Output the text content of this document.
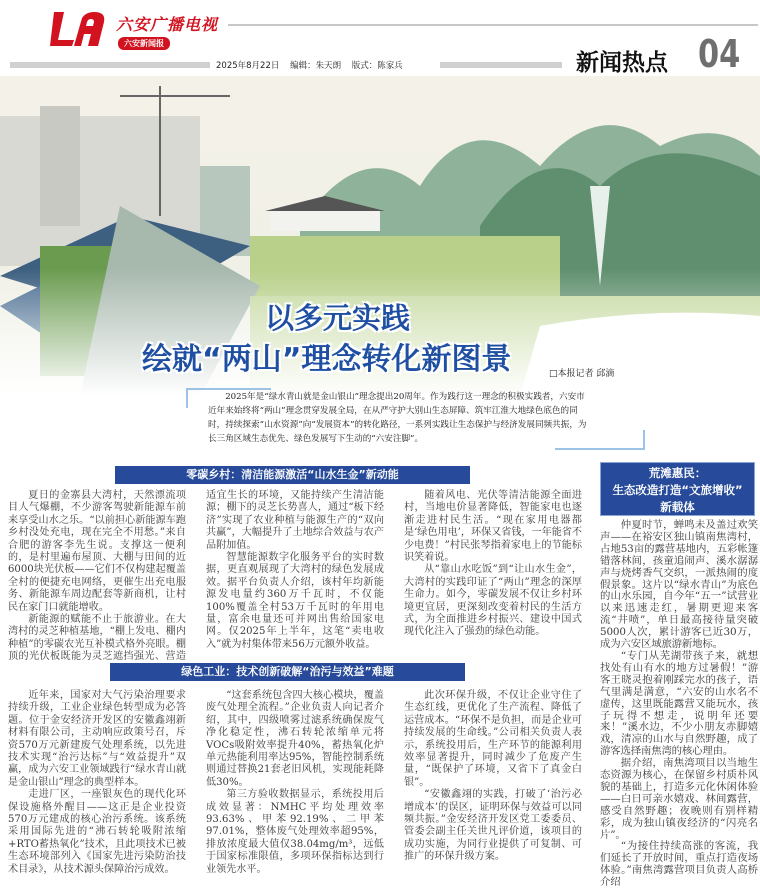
六安广播电视
六安新闻报
2025年8月22日 编辑：朱天朗 版式：陈家兵	新闻热点 04
以多元实践
绘就“两山”理念转化新图景	□本报记者 邱滴
2025年是“绿水青山就是金山银山”理念提出20周年。作为践行这一理念的积极实践者，六安市近年来始终将“两山”理念贯穿发展全局，在从严守护大别山生态屏障、筑牢江淮大地绿色底色的同时，持续探索“山水资源”向“发展资本”的转化路径，一系列实践让生态保护与经济发展同频共振，为长三角区域生态优先、绿色发展写下生动的“六安注脚”。
零碳乡村：清洁能源激活“山水生金”新动能

夏日的金寨县大湾村，天然漂流项目人气爆棚，不少游客驾驶新能源车前来享受山水之乐。“以前担心新能源车跑乡村没处充电，现在完全不用愁。”来自合肥的游客李先生说。支撑这一便利的，是村里遍布屋顶、大棚与田间的近6000块光伏板——它们不仅构建起覆盖全村的便捷充电网络，更催生出充电服务、新能源车周边配套等新商机，让村民在家门口就能增收。

新能源的赋能不止于旅游业。在大湾村的灵芝种植基地，“棚上发电、棚内种植”的零碳农光互补模式格外亮眼。棚顶的光伏板既能为灵芝遮挡强光、营造适宜生长的环境，又能持续产生清洁能源；棚下的灵芝长势喜人，通过“板下经济”实现了农业种植与能源生产的“双向共赢”，大幅提升了土地综合效益与农产品附加值。

智慧能源数字化服务平台的实时数据，更直观展现了大湾村的绿色发展成效。据平台负责人介绍，该村年均新能源发电量约360万千瓦时，不仅能100%覆盖全村53万千瓦时的年用电量，富余电量还可并网出售给国家电网。仅2025年上半年，这笔“卖电收入”就为村集体带来56万元额外收益。

随着风电、光伏等清洁能源全面进村，当地电价显著降低，智能家电也逐渐走进村民生活。“现在家用电器都是‘绿色用电’，环保又省钱，一年能省不少电费！”村民张琴指着家电上的节能标识笑着说。

从“靠山水吃饭”到“让山水生金”，大湾村的实践印证了“两山”理念的深厚生命力。如今，零碳发展不仅让乡村环境更宜居，更深刻改变着村民的生活方式，为全面推进乡村振兴、建设中国式现代化注入了强劲的绿色动能。

绿色工业：技术创新破解“治污与效益”难题

近年来，国家对大气污染治理要求持续升级，工业企业绿色转型成为必答题。位于金安经济开发区的安徽鑫翊新材料有限公司，主动响应政策号召，斥资570万元新建废气处理系统，以先进技术实现“治污达标”与“效益提升”双赢，成为六安工业领域践行“绿水青山就是金山银山”理念的典型样本。

走进厂区，一座银灰色的现代化环保设施格外醒目——这正是企业投资570万元建成的核心治污系统。该系统采用国际先进的“沸石转轮吸附浓缩+RTO蓄热氧化”技术，且此项技术已被生态环境部列入《国家先进污染防治技术目录》，从技术源头保障治污成效。

“这套系统包含四大核心模块，覆盖废气处理全流程。”企业负责人向记者介绍，其中，四级喷雾过滤系统确保废气净化稳定性，沸石转轮浓缩单元将VOCs吸附效率提升40%，蓄热氧化炉单元热能利用率达95%，智能控制系统则通过替换21套老旧风机，实现能耗降低30%。

第三方验收数据显示，系统投用后成效显著：NMHC平均处理效率93.63%、甲苯92.19%、二甲苯97.01%，整体废气处理效率超95%，排放浓度最大值仅38.04mg/m³，远低于国家标准限值，多项环保指标达到行业领先水平。

此次环保升级，不仅让企业守住了生态红线，更优化了生产流程、降低了运营成本。“环保不是负担，而是企业可持续发展的生命线。”公司相关负责人表示，系统投用后，生产环节的能源利用效率显著提升，同时减少了危废产生量，“既保护了环境，又省下了真金白银”。

“安徽鑫翊的实践，打破了‘治污必增成本’的误区，证明环保与效益可以同频共振。”金安经济开发区党工委委员、管委会副主任关世凡评价道，该项目的成功实施，为同行业提供了可复制、可推广的环保升级方案。

荒滩惠民：
生态改造打造“文旅增收”
新载体

仲夏时节，蝉鸣未及盖过欢笑声——在裕安区独山镇南焦湾村，占地53亩的露营基地内，五彩帐篷错落林间，孩童追闹声、溪水潺潺声与烧烤香气交织，一派热闹的度假景象。这片以“绿水青山”为底色的山水乐园，自今年“五一”试营业以来迅速走红，暑期更迎来客流“井喷”，单日最高接待量突破5000人次，累计游客已近30万，成为六安区域旅游新地标。

“专门从芜湖带孩子来，就想找处有山有水的地方过暑假！”游客王晓灵抱着刚踩完水的孩子，语气里满是满意，“六安的山水名不虚传，这里既能露营又能玩水，孩子玩得不想走，说明年还要来！”溪水边，不少小朋友赤脚嬉戏，清凉的山水与自然野趣，成了游客选择南焦湾的核心理由。

据介绍，南焦湾项目以当地生态资源为核心，在保留乡村质朴风貌的基础上，打造多元化休闲体验——白日可亲水嬉戏、林间露营，感受自然野趣；夜晚则有别样精彩，成为独山镇夜经济的“闪亮名片”。

“为接住持续高涨的客流，我们延长了开放时间，重点打造夜场体验。”南焦湾露营项目负责人高桥介绍
